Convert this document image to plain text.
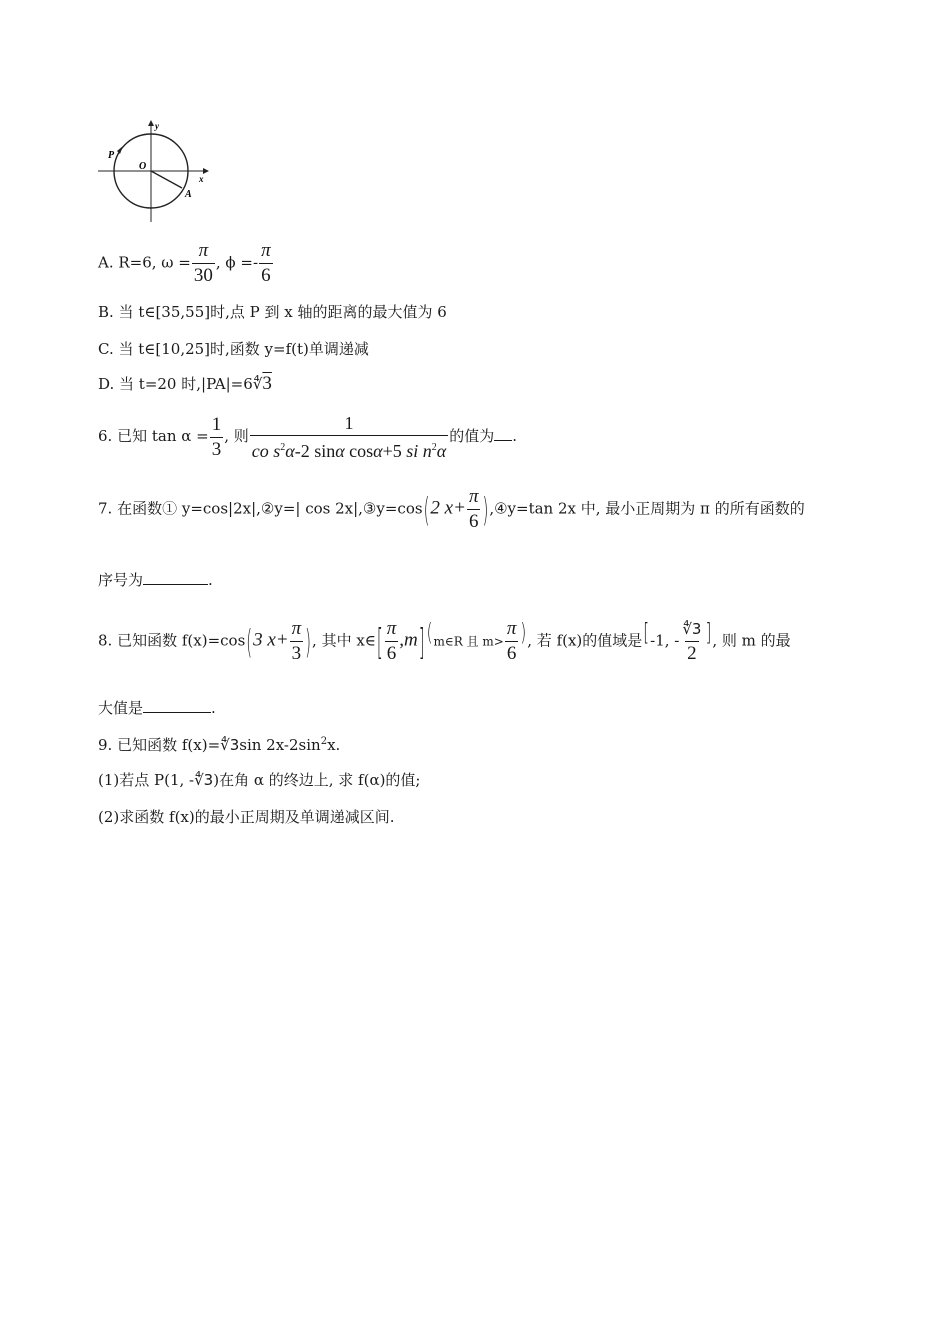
P
O
A
x
y
A. R=6, $\omega = \frac{\pi}{30}$ , $\phi =- \frac{\pi}{6}$
B. 当 t∈[35,55]时,点 P 到 x 轴的距离的最大值为 6
C. 当 t∈[10,25]时,函数 y=f(t)单调递减
D. 当 t=20 时,|PA|=6∜3
6. 已知 $\tan \alpha = \frac{1}{3}$ , 则 $\frac{1}{co s^2\alpha-2 \sin\alpha \cos\alpha+5 si n^2\alpha}$ 的值为 .
7. 在函数① y=cos|2x|,②y=| cos 2x|,③y=cos(2 $x+ \frac{\pi}{6}$ ),④y=tan 2x 中, 最小正周期为 π 的所有函数的
序号为	.
8. 已知函数 f(x)=cos(3 $x+ \frac{\pi}{3}$ ), 其中 x∈[ $\frac{\pi}{6} ,m$] (m∈R 且 $m> \frac{\pi}{6}$ ), 若 f(x)的值域是[-1, - $\frac{∜3}{2}$ ], 则 m 的最
大值是	.
9. 已知函数 f(x)=∜3sin $2x-2\sin^2x$.
(1)若点 P(1, -∜3)在角 α 的终边上, 求 f(α)的值;
(2)求函数 f(x)的最小正周期及单调递减区间.
